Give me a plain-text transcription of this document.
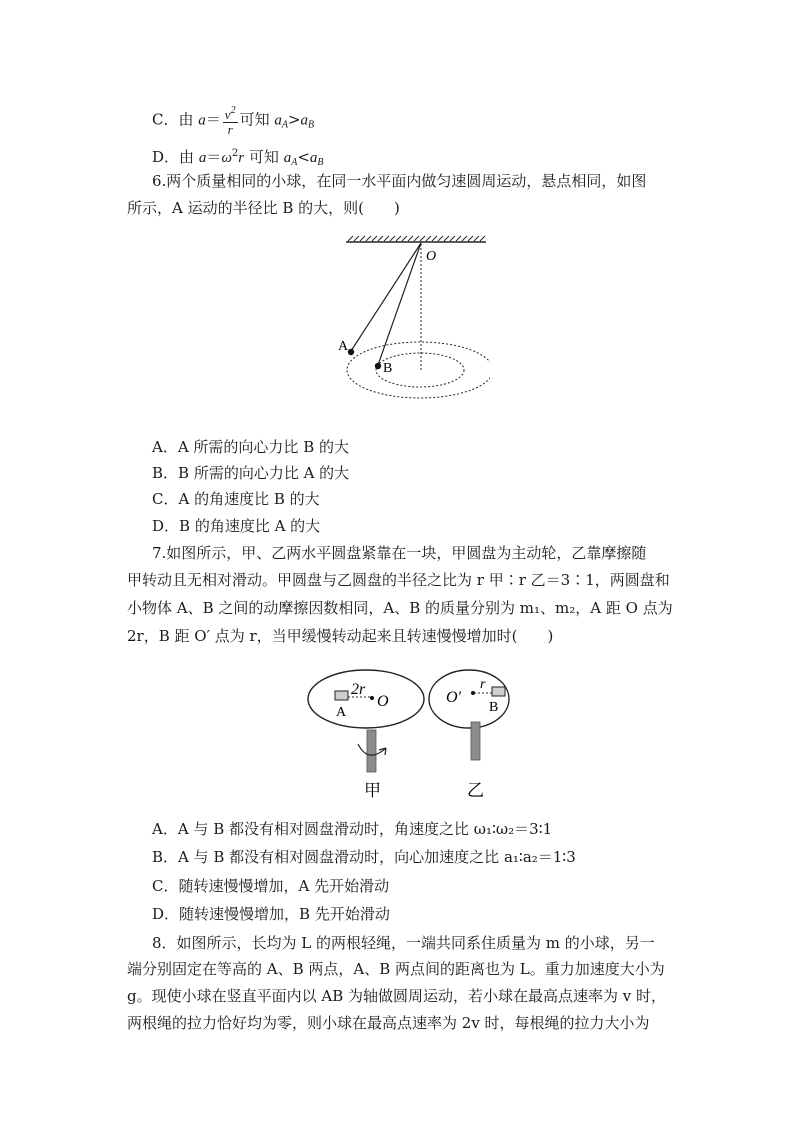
C．由 $a= \frac{v^2}{r}$ 可知 $a_A>a_B$
D．由 $a=\omega^2r$ 可知 $a_A<a_B$
6.两个质量相同的小球，在同一水平面内做匀速圆周运动，悬点相同，如图
所示，A 运动的半径比 B 的大，则(　　)
O
A
B
A．A 所需的向心力比 B 的大
B．B 所需的向心力比 A 的大
C．A 的角速度比 B 的大
D．B 的角速度比 A 的大
7.如图所示，甲、乙两水平圆盘紧靠在一块，甲圆盘为主动轮，乙靠摩擦随
甲转动且无相对滑动。甲圆盘与乙圆盘的半径之比为 r 甲∶r 乙＝3∶1，两圆盘和
小物体 A、B 之间的动摩擦因数相同，A、B 的质量分别为 m₁、m₂，A 距 O 点为
2r，B 距 O′ 点为 r，当甲缓慢转动起来且转速慢慢增加时(　　)
2r
O
A
O′
r
B
甲	乙
A．A 与 B 都没有相对圆盘滑动时，角速度之比 ω₁∶ω₂＝3∶1
B．A 与 B 都没有相对圆盘滑动时，向心加速度之比 a₁∶a₂＝1∶3
C．随转速慢慢增加，A 先开始滑动
D．随转速慢慢增加，B 先开始滑动
8．如图所示，长均为 L 的两根轻绳，一端共同系住质量为 m 的小球，另一
端分别固定在等高的 A、B 两点，A、B 两点间的距离也为 L。重力加速度大小为
g。现使小球在竖直平面内以 AB 为轴做圆周运动，若小球在最高点速率为 v 时，
两根绳的拉力恰好均为零，则小球在最高点速率为 2v 时，每根绳的拉力大小为
